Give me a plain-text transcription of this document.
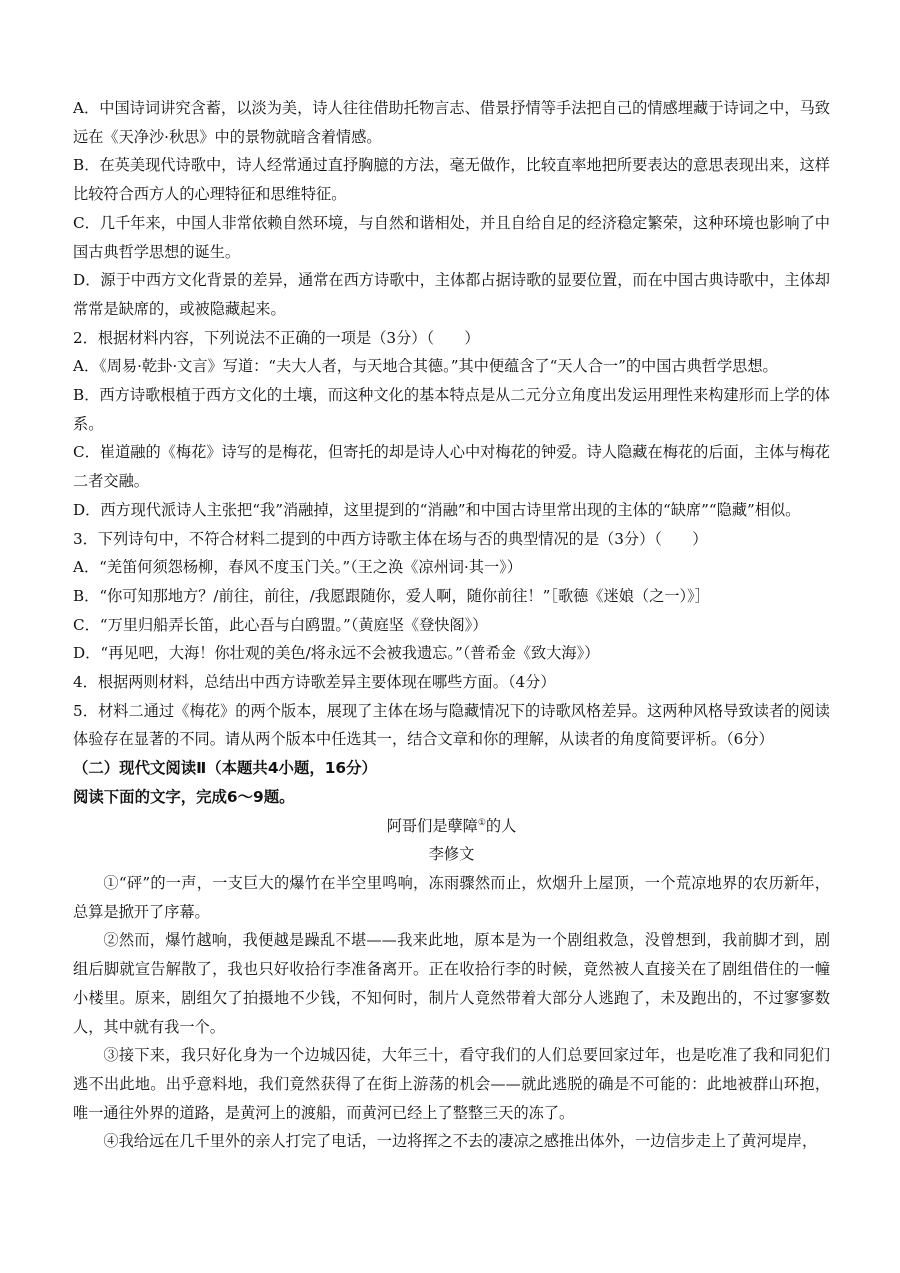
A．中国诗词讲究含蓄，以淡为美，诗人往往借助托物言志、借景抒情等手法把自己的情感埋藏于诗词之中，马致远在《天净沙·秋思》中的景物就暗含着情感。

B．在英美现代诗歌中，诗人经常通过直抒胸臆的方法，毫无做作，比较直率地把所要表达的意思表现出来，这样比较符合西方人的心理特征和思维特征。

C．几千年来，中国人非常依赖自然环境，与自然和谐相处，并且自给自足的经济稳定繁荣，这种环境也影响了中国古典哲学思想的诞生。

D．源于中西方文化背景的差异，通常在西方诗歌中，主体都占据诗歌的显要位置，而在中国古典诗歌中，主体却常常是缺席的，或被隐藏起来。

2．根据材料内容，下列说法不正确的一项是（3分）（　　）

A．《周易·乾卦·文言》写道：“夫大人者，与天地合其德。”其中便蕴含了“天人合一”的中国古典哲学思想。

B．西方诗歌根植于西方文化的土壤，而这种文化的基本特点是从二元分立角度出发运用理性来构建形而上学的体系。

C．崔道融的《梅花》诗写的是梅花，但寄托的却是诗人心中对梅花的钟爱。诗人隐藏在梅花的后面，主体与梅花二者交融。

D．西方现代派诗人主张把“我”消融掉，这里提到的“消融”和中国古诗里常出现的主体的“缺席”“隐藏”相似。

3．下列诗句中，不符合材料二提到的中西方诗歌主体在场与否的典型情况的是（3分）（　　）

A．“羌笛何须怨杨柳，春风不度玉门关。”（王之涣《凉州词·其一》）

B．“你可知那地方？/前往，前往，/我愿跟随你，爱人啊，随你前往！”［歌德《迷娘（之一）》］

C．“万里归船弄长笛，此心吾与白鸥盟。”（黄庭坚《登快阁》）

D．“再见吧，大海！你壮观的美色/将永远不会被我遗忘。”（普希金《致大海》）

4．根据两则材料，总结出中西方诗歌差异主要体现在哪些方面。（4分）

5．材料二通过《梅花》的两个版本，展现了主体在场与隐藏情况下的诗歌风格差异。这两种风格导致读者的阅读体验存在显著的不同。请从两个版本中任选其一，结合文章和你的理解，从读者的角度简要评析。（6分）

（二）现代文阅读Ⅱ（本题共4小题，16分）

阅读下面的文字，完成6～9题。

阿哥们是孽障①的人

李修文

①“砰”的一声，一支巨大的爆竹在半空里鸣响，冻雨骤然而止，炊烟升上屋顶，一个荒凉地界的农历新年，总算是掀开了序幕。

②然而，爆竹越响，我便越是躁乱不堪——我来此地，原本是为一个剧组救急，没曾想到，我前脚才到，剧组后脚就宣告解散了，我也只好收拾行李准备离开。正在收拾行李的时候，竟然被人直接关在了剧组借住的一幢小楼里。原来，剧组欠了拍摄地不少钱，不知何时，制片人竟然带着大部分人逃跑了，未及跑出的，不过寥寥数人，其中就有我一个。

③接下来，我只好化身为一个边城囚徒，大年三十，看守我们的人们总要回家过年，也是吃准了我和同犯们逃不出此地。出乎意料地，我们竟然获得了在街上游荡的机会——就此逃脱的确是不可能的：此地被群山环抱，唯一通往外界的道路，是黄河上的渡船，而黄河已经上了整整三天的冻了。

④我给远在几千里外的亲人打完了电话，一边将挥之不去的凄凉之感推出体外，一边信步走上了黄河堤岸，
